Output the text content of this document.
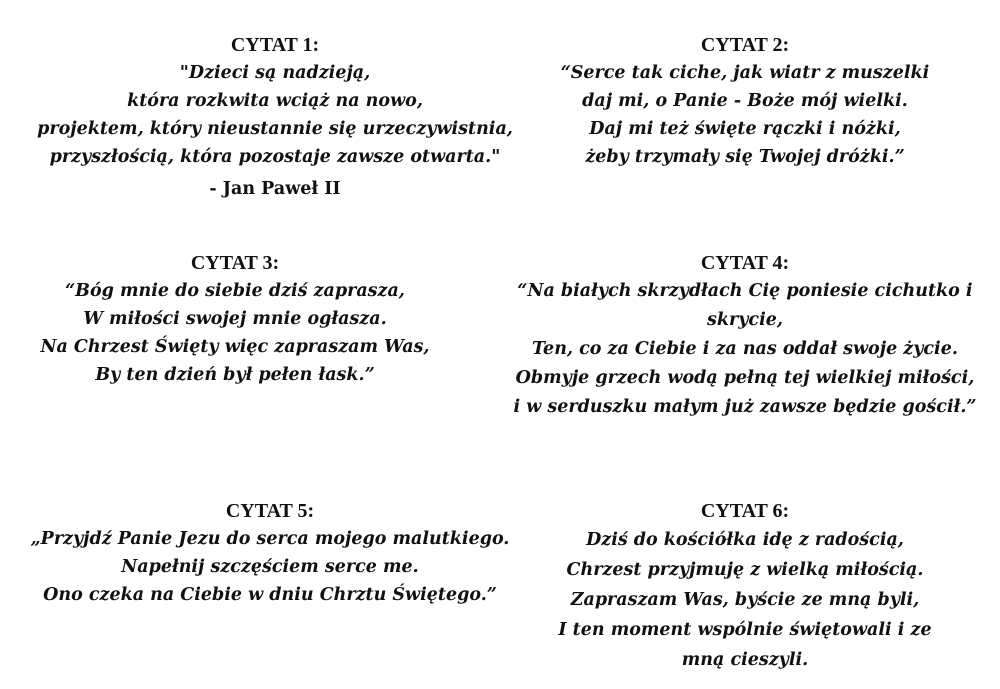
CYTAT 1:
"Dzieci są nadzieją,
która rozkwita wciąż na nowo,
projektem, który nieustannie się urzeczywistnia,
przyszłością, która pozostaje zawsze otwarta."
- Jan Paweł II
CYTAT 2:
“Serce tak ciche, jak wiatr z muszelki
daj mi, o Panie - Boże mój wielki.
Daj mi też święte rączki i nóżki,
żeby trzymały się Twojej dróżki.”
CYTAT 3:
“Bóg mnie do siebie dziś zaprasza,
W miłości swojej mnie ogłasza.
Na Chrzest Święty więc zapraszam Was,
By ten dzień był pełen łask.”
CYTAT 4:
“Na białych skrzydłach Cię poniesie cichutko i
skrycie,
Ten, co za Ciebie i za nas oddał swoje życie.
Obmyje grzech wodą pełną tej wielkiej miłości,
i w serduszku małym już zawsze będzie gościł.”
CYTAT 5:
„Przyjdź Panie Jezu do serca mojego malutkiego.
Napełnij szczęściem serce me.
Ono czeka na Ciebie w dniu Chrztu Świętego.”
CYTAT 6:
Dziś do kościółka idę z radością,
Chrzest przyjmuję z wielką miłością.
Zapraszam Was, byście ze mną byli,
I ten moment wspólnie świętowali i ze
mną cieszyli.
